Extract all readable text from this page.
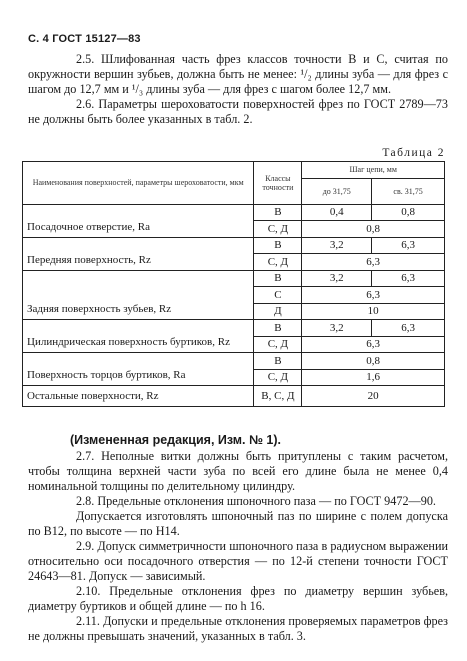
С. 4 ГОСТ 15127—83

2.5. Шлифованная часть фрез классов точности В и С, считая по окружности вершин зубьев, должна быть не менее: ¹/₂ длины зуба — для фрез с шагом до 12,7 мм и ¹/₃ длины зуба — для фрез с шагом более 12,7 мм.

2.6. Параметры шероховатости поверхностей фрез по ГОСТ 2789—73 не должны быть более указанных в табл. 2.

Таблица 2
Наименования поверхностей, параметры шероховатости, мкм	Классы точности	Шаг цепи, мм	
		до 31,75	св. 31,75
Посадочное отверстие, Ra	В	0,4	0,8
	С, Д	0,8	
Передняя поверхность, Rz	В	3,2	6,3
	С, Д	6,3	
Задняя поверхность зубьев, Rz	В	3,2	6,3
	С	6,3	
	Д	10	
Цилиндрическая поверхность буртиков, Rz	В	3,2	6,3
	С, Д	6,3	
Поверхность торцов буртиков, Ra	В	0,8	
	С, Д	1,6	
Остальные поверхности, Rz	В, С, Д	20	
(Измененная редакция, Изм. № 1).

2.7. Неполные витки должны быть притуплены с таким расчетом, чтобы толщина верхней части зуба по всей его длине была не менее 0,4 номинальной толщины по делительному цилиндру.

2.8. Предельные отклонения шпоночного паза — по ГОСТ 9472—90.

Допускается изготовлять шпоночный паз по ширине с полем допуска по В12, по высоте — по Н14.

2.9. Допуск симметричности шпоночного паза в радиусном выражении относительно оси посадочного отверстия — по 12-й степени точности ГОСТ 24643—81. Допуск — зависимый.

2.10. Предельные отклонения фрез по диаметру вершин зубьев, диаметру буртиков и общей длине — по h 16.

2.11. Допуски и предельные отклонения проверяемых параметров фрез не должны превышать значений, указанных в табл. 3.
